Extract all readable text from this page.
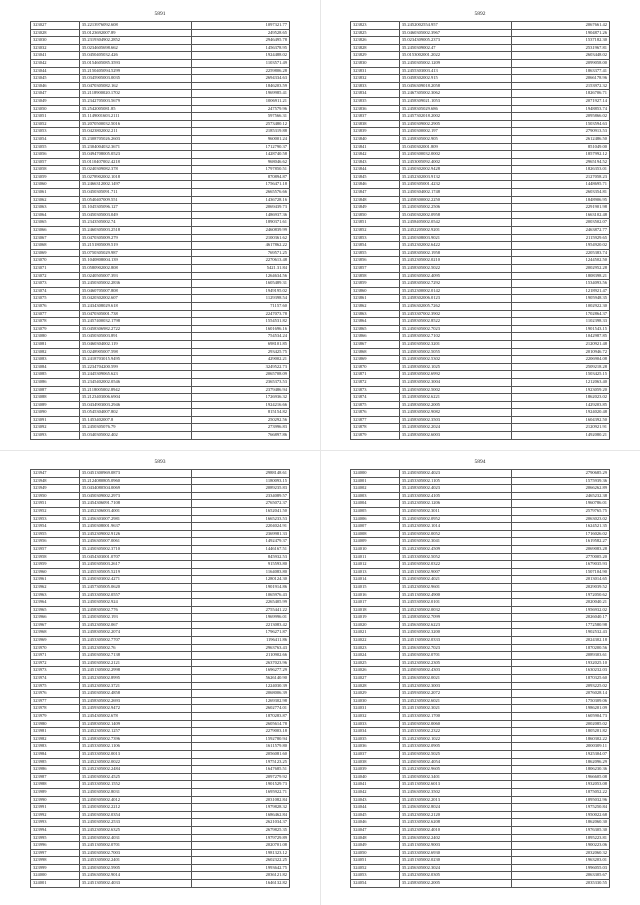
5891
323027	35.2213976092.608	1097321.77
323028	35.0123692007.89	249528.65
323030	35.2319304902.2852	2946495.78
323032	35.0234605698.662	1456378.95
323041	35.0450405032.426	1924488.02
323042	35.0154605085.3593	1103571.49
323044	35.2150405094.5299	2259806.28
323045	35.0345905003.0035	2694334.63
323046	35.0470305082.162	1846203.59
323047	35.2118900020.1702	1969985.41
323049	35.2342705003.5679	1006911.21
323050	35.2542005081.85	247579.96
323051	35.1149001603.2111	597566.31
323052	35.2070500032.5016	2573480.12
323053	35.0423802002.211	2185319.88
323054	35.2308705026.2603	960001.24
323055	35.2304004032.3671	1712790.37
323056	35.0494708005.0523	1428740.58
323057	35.0110407002.4218	968046.62
323058	35.0240309082.378	1797850.51
323059	35.0278902002.1018	870894.87
323060	35.2466312002.1497	1756471.18
323061	35.0450305091.711	2665576.66
323062	35.0540407009.551	1436728.16
323063	35.1045305096.127	2069439.73
323064	35.0450305003.049	1486937.36
323065	35.2343505002.74	1890371.61
323066	35.2460305003.2518	2460839.99
323067	35.0470305009.279	2100361.62
323068	35.2151805009.519	4617862.22
323069	35.0750305029.987	769571.25
323070	35.1040808004.139	2270613.48
323071	35.0580902002.808	5421.31.84
323072	35.0240505007.393	1264634.56
323073	35.2450305002.2836	1605489.31
323074	35.0460705007.808	1949195.02
323075	35.0420302002.607	1129398.54
323076	35.2434308029.618	71157.60
323077	35.0470305001.738	2247073.78
323078	35.2457400032.1798	1554531.82
323079	35.0458306982.2722	1601696.16
323080	35.0450305003.891	754534.24
323081	35.0460304002.119	698101.85
323082	35.0248905007.598	293425.75
323083	35.2418703015.9495	429002.21
323084	35.2234704200.599	3249522.73
323085	35.2445309065.623	2065708.09
323086	35.2345402002.0546	2365373.53
323087	35.2118005002.8942	2379486.94
323088	35.2123403006.6904	1726936.32
323089	35.0434903003.2946	1924216.66
323090	35.0545304007.802	815154.82
323091	35.1453402007.8	250292.56
323092	35.2450305076.79	273996.83
323093	35.0340305002.402	766897.86
5892
323823	35.2452002554.957	2067661.42
323825	35.0460305002.3967	1904871.26
323826	35.0234309005.2373	1537182.30
323828	35.2450309002.47	2531967.81
323829	35.0153002001.2022	2603448.02
323830	35.2450305002.1209	2099058.00
323831	35.2455303003.413	1863377.41
323832	35.0458302002.915	2066178.96
323833	35.0456309018.2058	2153972.32
323834	35.2467305002.3062	1826706.71
323835	35.2458309021.1053	2071927.14
323836	35.2458305029.686	1948853.74
323837	35.2457302018.2002	2095866.02
323838	35.2450309002.2905	1503594.63
323839	35.2450300002.197	2790913.53
323840	35.2458305002.905	2612486.50
323841	35.0450302001.809	851049.00
323842	35.2450300032.0002	1857992.12
323843	35.2453005092.4002	2965194.52
323844	35.2450302002.9428	1826353.01
323845	35.2452302003.9132	2127058.23
323846	35.2450305001.4232	1448695.71
323847	35.2450304002.1748	2603354.81
323848	35.2458300002.2250	1848906.95
323849	35.2450305002.2506	2291901.98
323850	35.0450302002.0958	1663102.48
323851	35.2458405002.0542	2003502.07
323852	35.2452205002.9201	2463872.77
323853	35.2450308003.9021	2115929.65
323854	35.2452302002.6422	1954920.02
323855	35.2458305002.1958	2205383.74
323856	35.2452305002.0210	1244502.50
323857	35.2458305002.5022	2002952.28
323858	35.2450305002.4095	1808398.21
323859	35.2458305002.7292	1534093.56
323860	35.2452300002.0142	1218921.47
323861	35.2458302006.0123	1905948.35
323862	35.2456302005.7262	1002922.30
323863	35.2453307002.3902	1702864.37
323864	35.2458305002.8522	1102398.33
323865	35.2450305002.7023	1901543.15
323866	35.2458305002.7102	1042987.85
323867	35.2450305002.3201	2120921.48
323868	35.2458305002.5055	2010946.72
323869	35.2458305002.5302	2206904.08
323870	35.2458305002.1025	2509218.28
323871	35.2458305002.6992	1503425.15
323872	35.2458305002.3004	1212063.40
323873	35.2450305002.5002	1923059.20
323874	35.2458305002.6221	1862023.02
323875	35.2458305002.2005	1429203.85
323876	35.2458305002.9082	1924020.48
323877	35.2458305002.3503	1604392.50
323878	35.2458305002.2024	2120921.91
323879	35.2458305002.6003	1492080.21
5893
323947	35.0451300969.0873	2988148.61
323948	35.2124080805.0960	1180093.15
323949	35.0434080504.0069	2089235.83
323950	35.0450309002.2973	2334089.57
323951	35.2454306091.7108	2765072.37
323952	35.2452306003.4001	1652041.50
323953	35.2456303007.2981	1665233.53
323954	35.2450308001.9637	2204024.91
323955	35.2452309002.9126	2369981.33
323956	35.2456305007.0061	1492479.37
323957	35.2450305002.3710	1446167.51
323958	35.0454303001.0707	845932.53
323959	35.2450305003.2617	915593.80
323960	35.2455305005.5219	1164083.80
323961	35.2450303002.4271	1280124.30
323962	35.2457305005.0620	1901914.86
323963	35.2453305002.0557	1065976.43
323964	35.2450305002.924	2265405.99
323965	35.2458305002.776	2755441.22
323966	35.2450305002.193	1969996.01
323967	35.2452305002.067	2213083.42
323968	35.2458305002.2074	1796271.87
323969	35.2453305002.7707	1196411.86
323970	35.2452305002.76	2963763.43
323971	35.2450305002.7138	2110902.66
323972	35.2450305002.2121	2637023.96
323973	35.2451305002.2998	1696277.29
323974	35.2452305002.8995	5626140.90
323975	35.2452305002.3721	1224030.39
323976	35.2450305002.4858	2068006.39
323977	35.2458305002.2693	1269302.98
323978	35.2459305002.9472	2602774.01
323979	35.2454305002.678	1870283.87
323980	35.2458305002.1409	2605614.78
323981	35.2452305002.1257	2279003.18
323982	35.2458305002.7396	1592780.94
323983	35.2453305002.1106	1611579.80
323984	35.2453305002.0013	2056081.60
323985	35.2452305002.0022	1975123.25
323986	35.2452305002.2484	1647685.51
323987	35.2450305002.4525	2097279.92
323988	35.2453305002.1552	1901529.73
323989	35.2450305002.8031	1695922.71
323990	35.2450305002.4012	2031082.84
323991	35.2450305002.2212	1979828.32
323992	35.2450305002.0354	1686462.84
323993	35.2450305002.2533	2621034.37
323994	35.2452305002.6325	2679825.35
323995	35.2450305002.4031	1979729.89
323996	35.2451305002.0701	2020701.08
323997	35.2450305002.7003	1981323.12
323998	35.2453305002.2401	2602322.25
323999	35.2450305002.5905	1993642.75
324000	35.2456305002.9014	2036121.82
324001	35.2451305002.4033	1646132.82
5894
324000	35.2450305002.4023	2790685.29
324001	35.2453305002.1105	1575939.36
324002	35.2458305002.4023	2066262.89
324003	35.2453305002.4105	2465232.38
324004	35.2452305002.1206	1960786.01
324005	35.2450305002.3011	2579765.75
324006	35.2450305002.0952	2063023.02
324007	35.2452305002.1014	1624521.35
324008	35.2450305002.0052	1716026.02
324009	35.2450305002.3041	1619582.27
324010	35.2452305002.4509	2069083.28
324011	35.2453305002.5052	2770005.20
324012	35.2450305002.0322	1679035.93
324013	35.2451305002.9007	1507104.90
324014	35.2450305002.4021	2013014.65
324015	35.2452305002.9601	2029039.52
324016	35.2451305002.4900	1972050.62
324017	35.2455305002.0101	2020040.21
324018	35.2452305002.0032	1956932.02
324019	35.2458305002.7099	2026040.17
324020	35.2456305002.6223	1772580.98
324021	35.2450305002.3200	1902532.43
324022	35.2451305002.0333	2024302.18
324023	35.2456305002.7023	1870200.56
324024	35.2450305002.0701	2089303.61
324025	35.2452305002.2305	1932025.10
324026	35.2450305002.4303	1630232.03
324027	35.2456305002.0021	1870325.60
324028	35.2452305002.3003	2093225.02
324029	35.2459305002.2072	2076028.14
324030	35.2452305002.6021	1750309.06
324031	35.2451305002.3021	1986201.09
324032	35.2453305002.1700	1605904.73
324033	35.2450305002.0060	2002085.02
324034	35.2453305002.2322	1805201.82
324035	35.2452305002.1022	1860302.22
324036	35.2453305002.0905	2000309.11
324037	35.2450305002.5025	1925304.07
324038	35.2450305002.4054	1862096.29
324039	35.2452305002.9605	1806230.36
324040	35.2450305002.3401	1966605.08
324041	35.2451305002.6013	1932053.08
324042	35.2456305002.3502	1875052.22
324043	35.2453305002.2013	1895032.96
324044	35.2456305002.8024	1975250.84
324045	35.2452305002.2120	1950022.68
324046	35.2453305002.6208	1862060.30
324047	35.2452305002.4010	1976305.30
324048	35.2456305002.2402	1895223.81
324049	35.2451305002.9003	1900223.06
324050	35.2453305002.6930	2032060.32
324051	35.2451305002.0230	1963203.01
324052	35.2456305002.3024	1996055.03
324053	35.2452305002.0305	2063305.67
324054	35.2458305002.2005	2035330.55
